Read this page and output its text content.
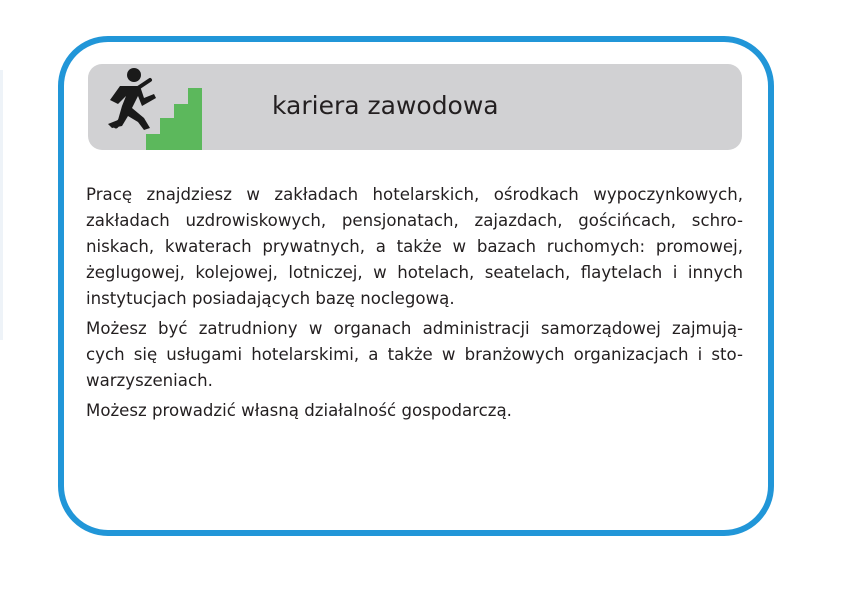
kariera zawodowa

Pracę znajdziesz w zakładach hotelarskich, ośrodkach wypoczynkowych,
zakładach uzdrowiskowych, pensjonatach, zajazdach, gościńcach, schro-
niskach, kwaterach prywatnych, a także w bazach ruchomych: promowej,
żeglugowej, kolejowej, lotniczej, w hotelach, seatelach, flaytelach i innych
instytucjach posiadających bazę noclegową.

Możesz być zatrudniony w organach administracji samorządowej zajmują-
cych się usługami hotelarskimi, a także w branżowych organizacjach i sto-
warzyszeniach.

Możesz prowadzić własną działalność gospodarczą.
